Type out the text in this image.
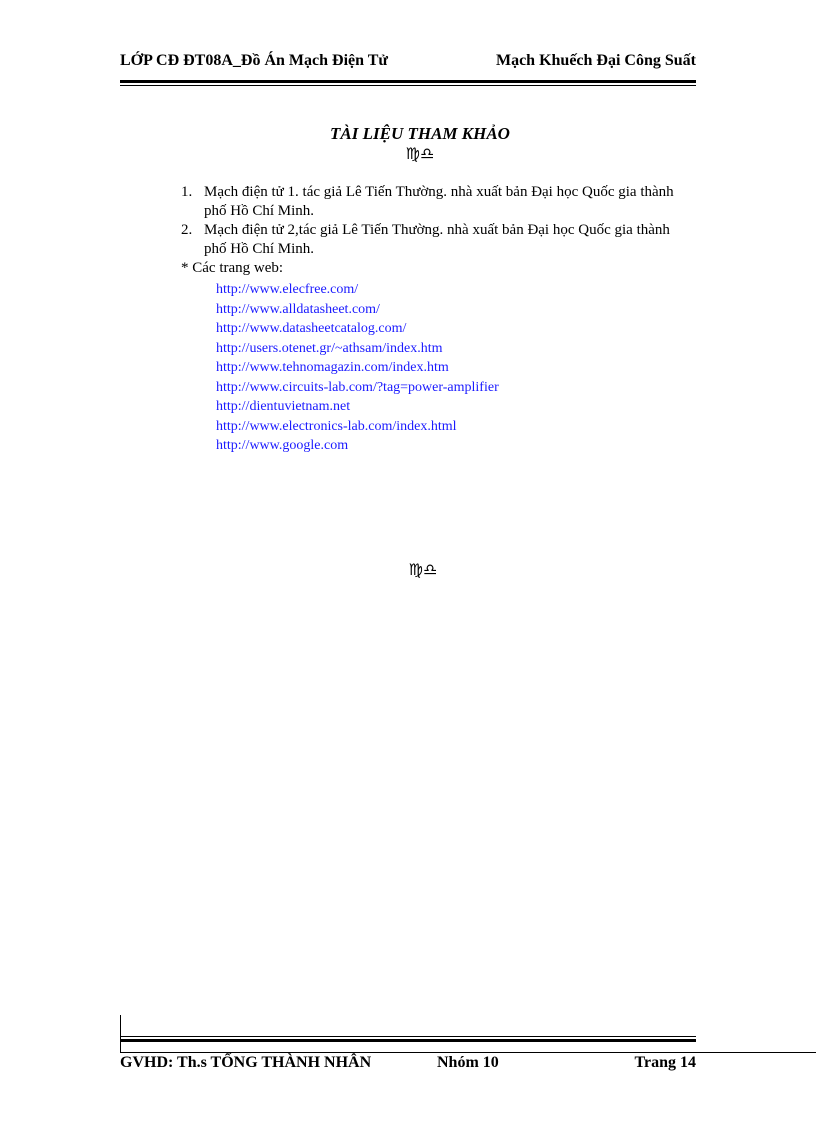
LỚP CĐ ĐT08A_Đồ Án Mạch Điện Tử	Mạch Khuếch Đại Công Suất
TÀI LIỆU THAM KHẢO
♍♎
1. Mạch điện tử 1. tác giả Lê Tiến Thường. nhà xuất bản Đại học Quốc gia thành phố Hồ Chí Minh.
2. Mạch điện tử 2,tác giả Lê Tiến Thường. nhà xuất bản Đại học Quốc gia thành phố Hồ Chí Minh.
* Các trang web:
http://www.elecfree.com/
http://www.alldatasheet.com/
http://www.datasheetcatalog.com/
http://users.otenet.gr/~athsam/index.htm
http://www.tehnomagazin.com/index.htm
http://www.circuits-lab.com/?tag=power-amplifier
http://dientuvietnam.net
http://www.electronics-lab.com/index.html
http://www.google.com
♍♎
GVHD: Th.s TỐNG THÀNH NHÂN	Nhóm 10	Trang 14
